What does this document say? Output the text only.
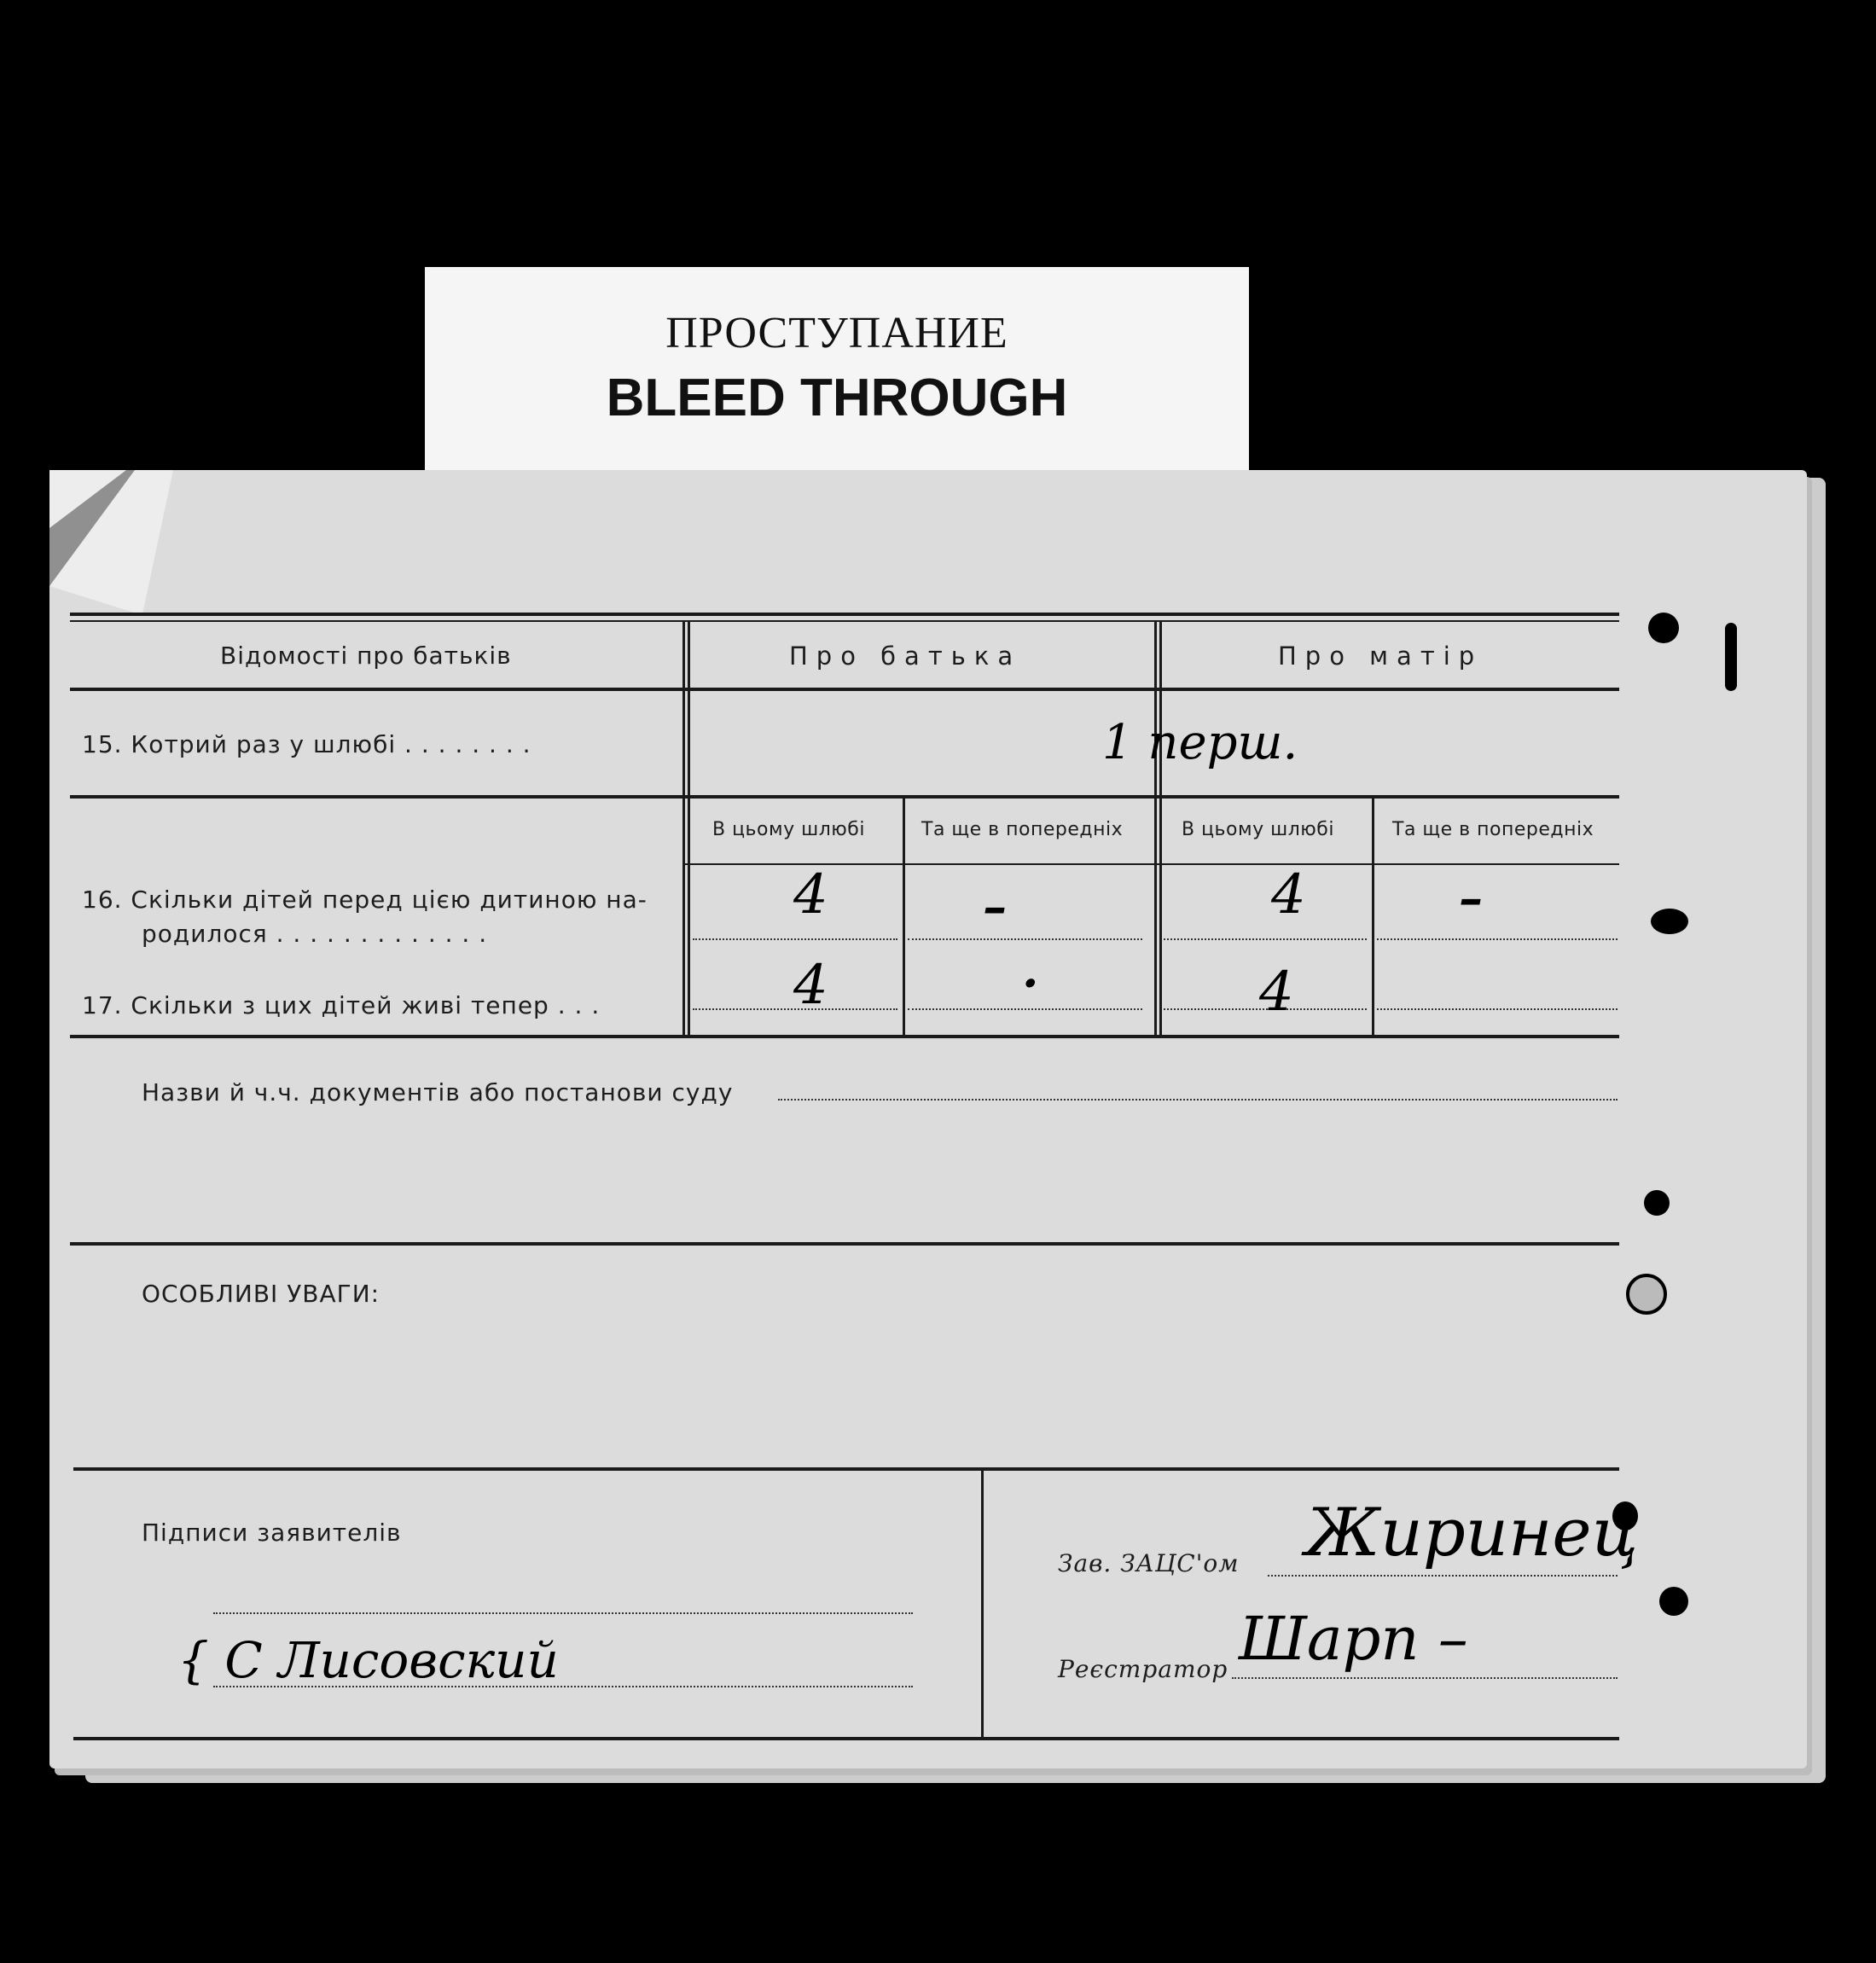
ПРОСТУПАНИЕ
BLEED THROUGH
Відомості про батьків	Про батька	Про матір
15. Котрий раз у шлюбі . . . . . . . .	1 перш.
В цьому шлюбі	Та ще в попередніх	В цьому шлюбі	Та ще в попередніх
16. Скільки дітей перед цією дитиною на-
родилося . . . . . . . . . . . . .
4	–	4	–
17. Скільки з цих дітей живі тепер . . .	4	·	4
Назви й ч.ч. документів або постанови суду
ОСОБЛИВІ УВАГИ:
Підписи заявителів
{ С Лисовский
Зав. ЗАЦС'ом Жиринец
Реєстратор Шарп –
